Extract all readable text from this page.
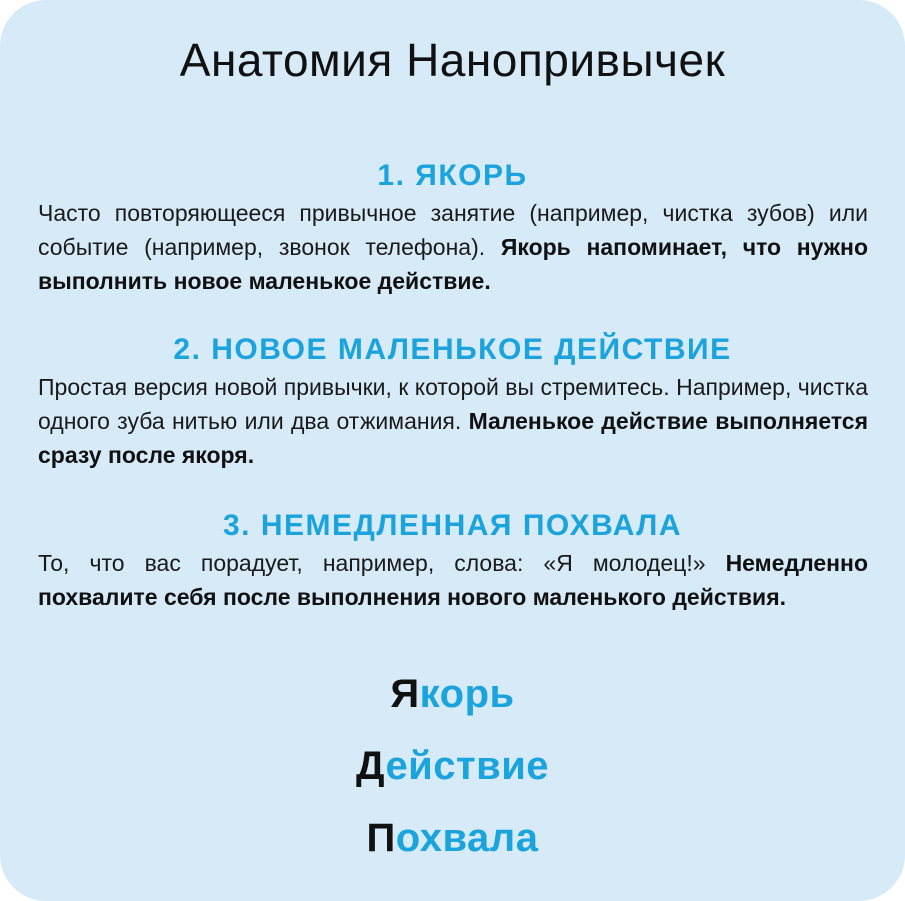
Анатомия Нанопривычек
1. ЯКОРЬ

Часто повторяющееся привычное занятие (например, чистка зубов) или событие (например, звонок телефона). Якорь напоминает, что нужно выполнить новое маленькое действие.

2. НОВОЕ МАЛЕНЬКОЕ ДЕЙСТВИЕ

Простая версия новой привычки, к которой вы стремитесь. Например, чистка одного зуба нитью или два отжимания. Маленькое действие выполняется сразу после якоря.

3. НЕМЕДЛЕННАЯ ПОХВАЛА

То, что вас порадует, например, слова: «Я молодец!» Немедленно похвалите себя после выполнения нового маленького действия.

Якорь
Действие
Похвала
